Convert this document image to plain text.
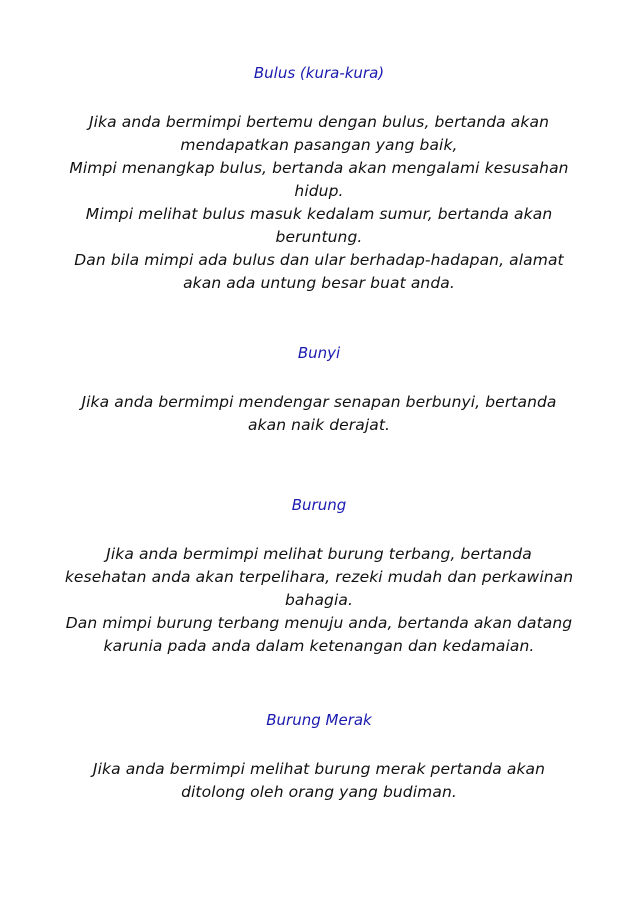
Bulus (kura-kura)

Jika anda bermimpi bertemu dengan bulus, bertanda akan
mendapatkan pasangan yang baik,
Mimpi menangkap bulus, bertanda akan mengalami kesusahan
hidup.
Mimpi melihat bulus masuk kedalam sumur, bertanda akan
beruntung.
Dan bila mimpi ada bulus dan ular berhadap-hadapan, alamat
akan ada untung besar buat anda.

Bunyi

Jika anda bermimpi mendengar senapan berbunyi, bertanda
akan naik derajat.

Burung

Jika anda bermimpi melihat burung terbang, bertanda
kesehatan anda akan terpelihara, rezeki mudah dan perkawinan
bahagia.
Dan mimpi burung terbang menuju anda, bertanda akan datang
karunia pada anda dalam ketenangan dan kedamaian.

Burung Merak

Jika anda bermimpi melihat burung merak pertanda akan
ditolong oleh orang yang budiman.
